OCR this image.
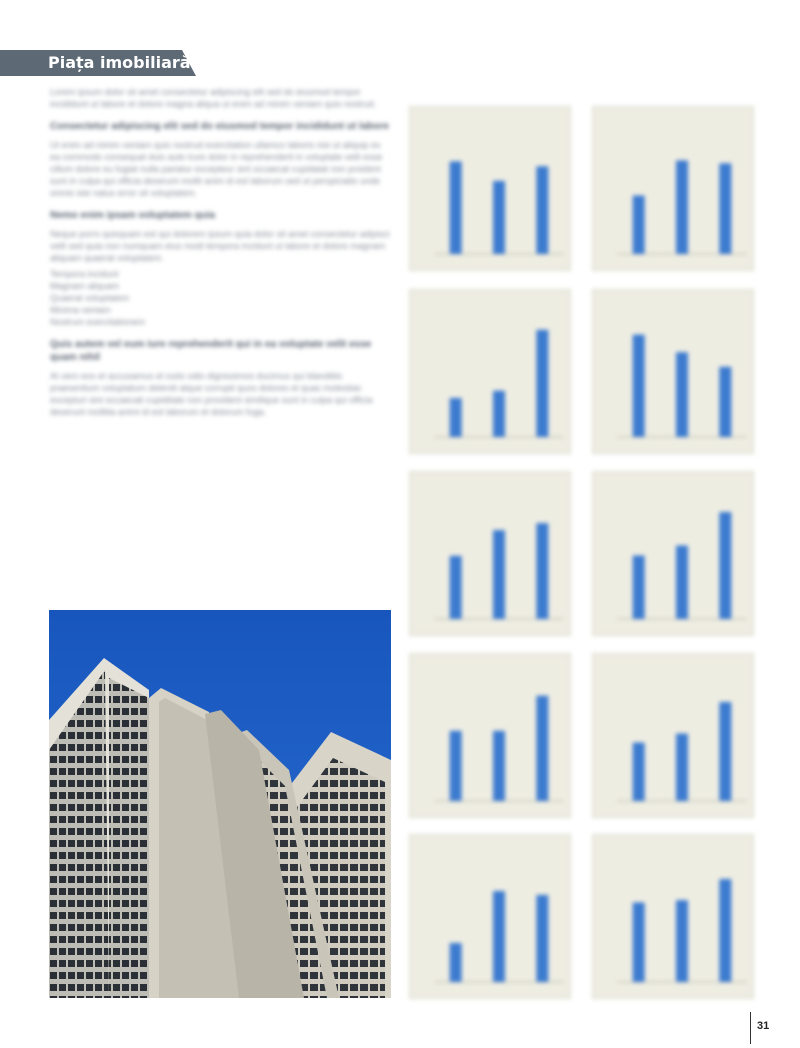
Piața imobiliară

Lorem ipsum dolor sit amet consectetur adipiscing elit sed do eiusmod tempor incididunt ut labore et dolore magna aliqua ut enim ad minim veniam quis nostrud.

Consectetur adipiscing elit sed do eiusmod tempor incididunt ut labore

Ut enim ad minim veniam quis nostrud exercitation ullamco laboris nisi ut aliquip ex ea commodo consequat duis aute irure dolor in reprehenderit in voluptate velit esse cillum dolore eu fugiat nulla pariatur excepteur sint occaecat cupidatat non proident sunt in culpa qui officia deserunt mollit anim id est laborum sed ut perspiciatis unde omnis iste natus error sit voluptatem.

Nemo enim ipsam voluptatem quia

Neque porro quisquam est qui dolorem ipsum quia dolor sit amet consectetur adipisci velit sed quia non numquam eius modi tempora incidunt ut labore et dolore magnam aliquam quaerat voluptatem.

Tempora incidunt
Magnam aliquam
Quaerat voluptatem
Minima veniam
Nostrum exercitationem

Quis autem vel eum iure reprehenderit qui in ea voluptate velit esse quam nihil

At vero eos et accusamus et iusto odio dignissimos ducimus qui blanditiis praesentium voluptatum deleniti atque corrupti quos dolores et quas molestias excepturi sint occaecati cupiditate non provident similique sunt in culpa qui officia deserunt mollitia animi id est laborum et dolorum fuga.

31
